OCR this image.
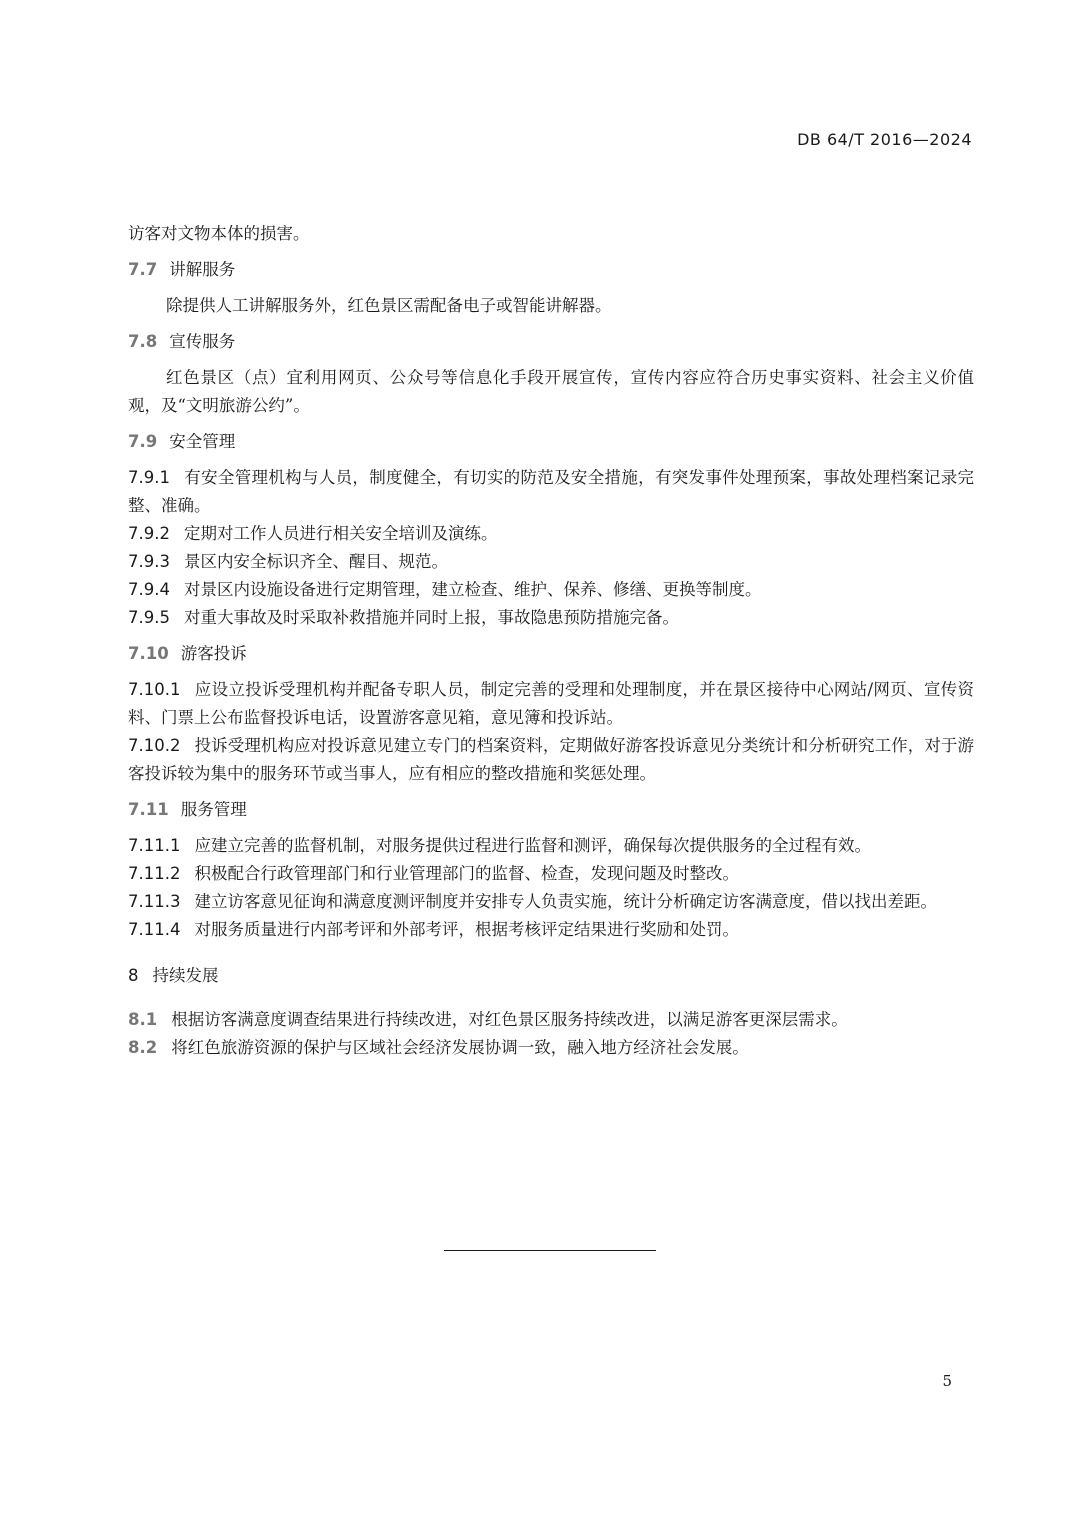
DB 64/T 2016—2024
访客对文物本体的损害。
7.7 讲解服务
除提供人工讲解服务外，红色景区需配备电子或智能讲解器。
7.8 宣传服务
红色景区（点）宜利用网页、公众号等信息化手段开展宣传，宣传内容应符合历史事实资料、社会主义价值观，及“文明旅游公约”。
7.9 安全管理
7.9.1 有安全管理机构与人员，制度健全，有切实的防范及安全措施，有突发事件处理预案，事故处理档案记录完整、准确。
7.9.2 定期对工作人员进行相关安全培训及演练。
7.9.3 景区内安全标识齐全、醒目、规范。
7.9.4 对景区内设施设备进行定期管理，建立检查、维护、保养、修缮、更换等制度。
7.9.5 对重大事故及时采取补救措施并同时上报，事故隐患预防措施完备。
7.10 游客投诉
7.10.1 应设立投诉受理机构并配备专职人员，制定完善的受理和处理制度，并在景区接待中心网站/网页、宣传资料、门票上公布监督投诉电话，设置游客意见箱，意见簿和投诉站。
7.10.2 投诉受理机构应对投诉意见建立专门的档案资料，定期做好游客投诉意见分类统计和分析研究工作，对于游客投诉较为集中的服务环节或当事人，应有相应的整改措施和奖惩处理。
7.11 服务管理
7.11.1 应建立完善的监督机制，对服务提供过程进行监督和测评，确保每次提供服务的全过程有效。
7.11.2 积极配合行政管理部门和行业管理部门的监督、检查，发现问题及时整改。
7.11.3 建立访客意见征询和满意度测评制度并安排专人负责实施，统计分析确定访客满意度，借以找出差距。
7.11.4 对服务质量进行内部考评和外部考评，根据考核评定结果进行奖励和处罚。
8 持续发展
8.1 根据访客满意度调查结果进行持续改进，对红色景区服务持续改进，以满足游客更深层需求。
8.2 将红色旅游资源的保护与区域社会经济发展协调一致，融入地方经济社会发展。
5
